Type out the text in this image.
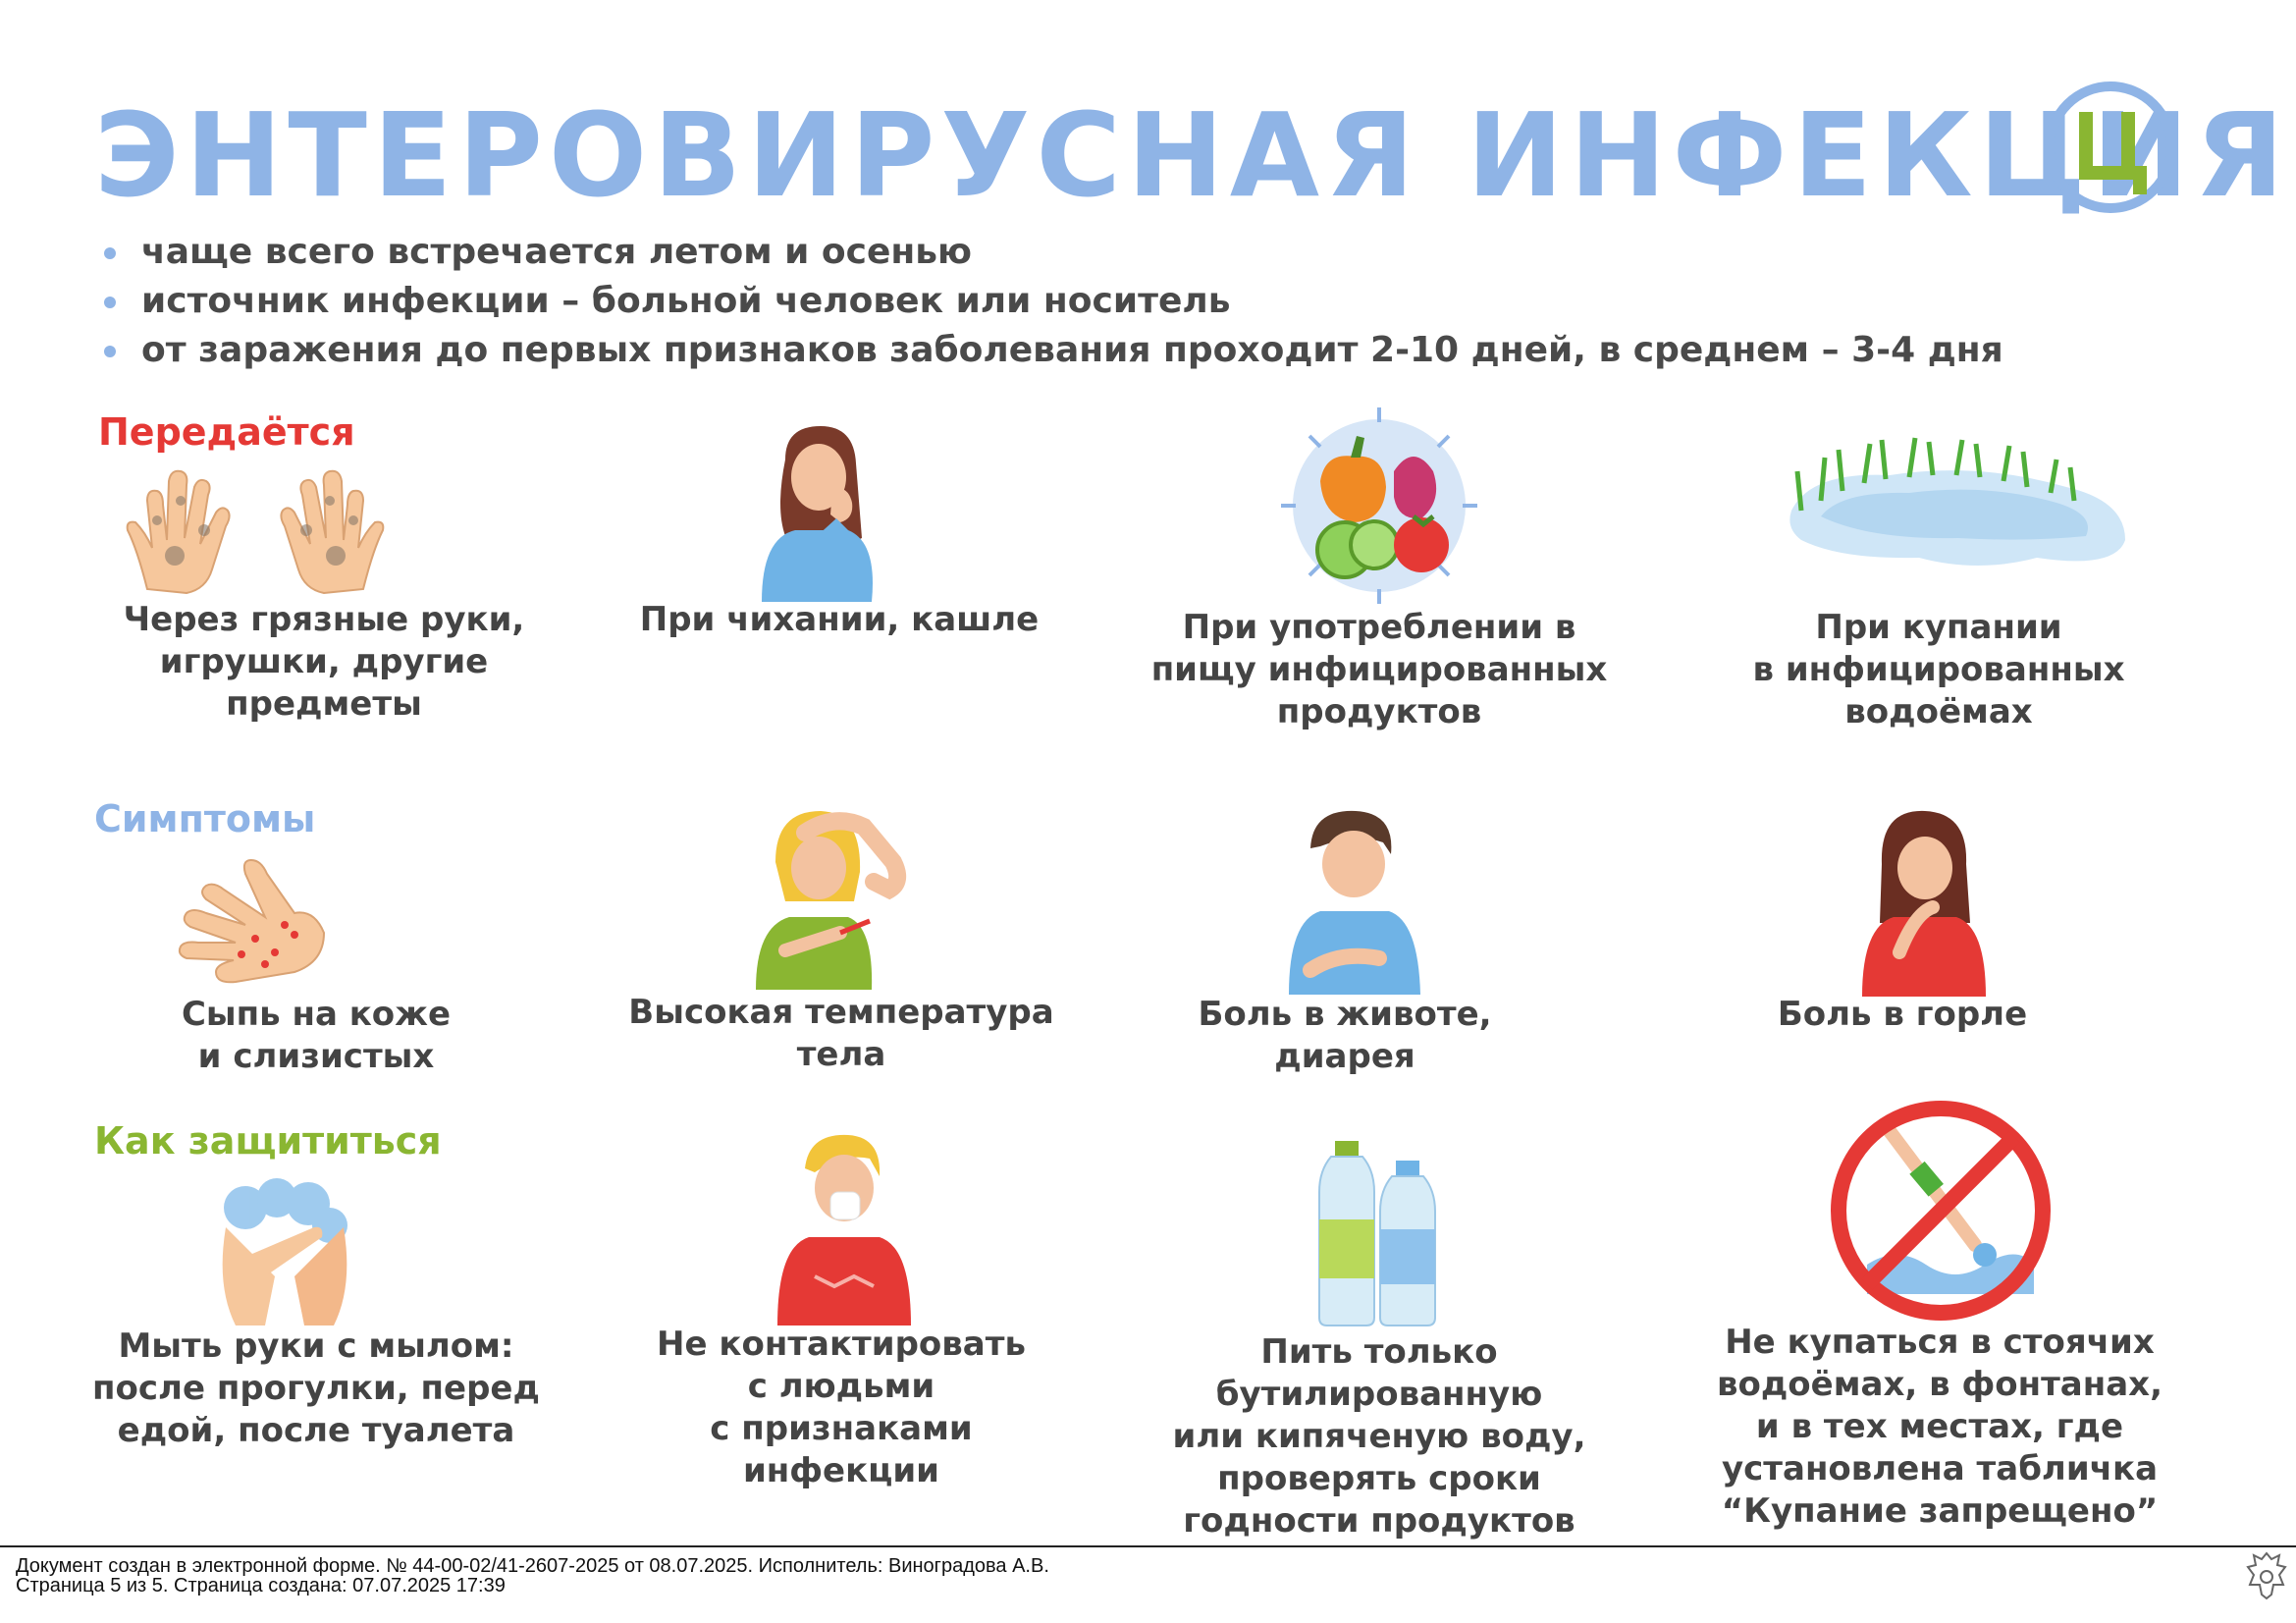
ЭНТЕРОВИРУСНАЯ ИНФЕКЦИЯ
чаще всего встречается летом и осенью
источник инфекции – больной человек или носитель
от заражения до первых признаков заболевания проходит 2-10 дней, в среднем – 3-4 дня
Передаётся
Через грязные руки,
игрушки, другие
предметы
При чихании, кашле	При употреблении в
пищу инфицированных
продуктов
При купании
в инфицированных
водоёмах
Симптомы
Сыпь на коже
и слизистых
Высокая температура
тела
Боль в животе,
диарея
Боль в горле
Как защититься
Мыть руки с мылом:
после прогулки, перед
едой, после туалета
Не контактировать
с людьми
с признаками
инфекции
Пить только
бутилированную
или кипяченую воду,
проверять сроки
годности продуктов
Не купаться в стоячих
водоёмах, в фонтанах,
и в тех местах, где
установлена табличка
“Купание запрещено”
Документ создан в электронной форме. № 44-00-02/41-2607-2025 от 08.07.2025. Исполнитель: Виноградова А.В.
Страница 5 из 5. Страница создана: 07.07.2025 17:39
